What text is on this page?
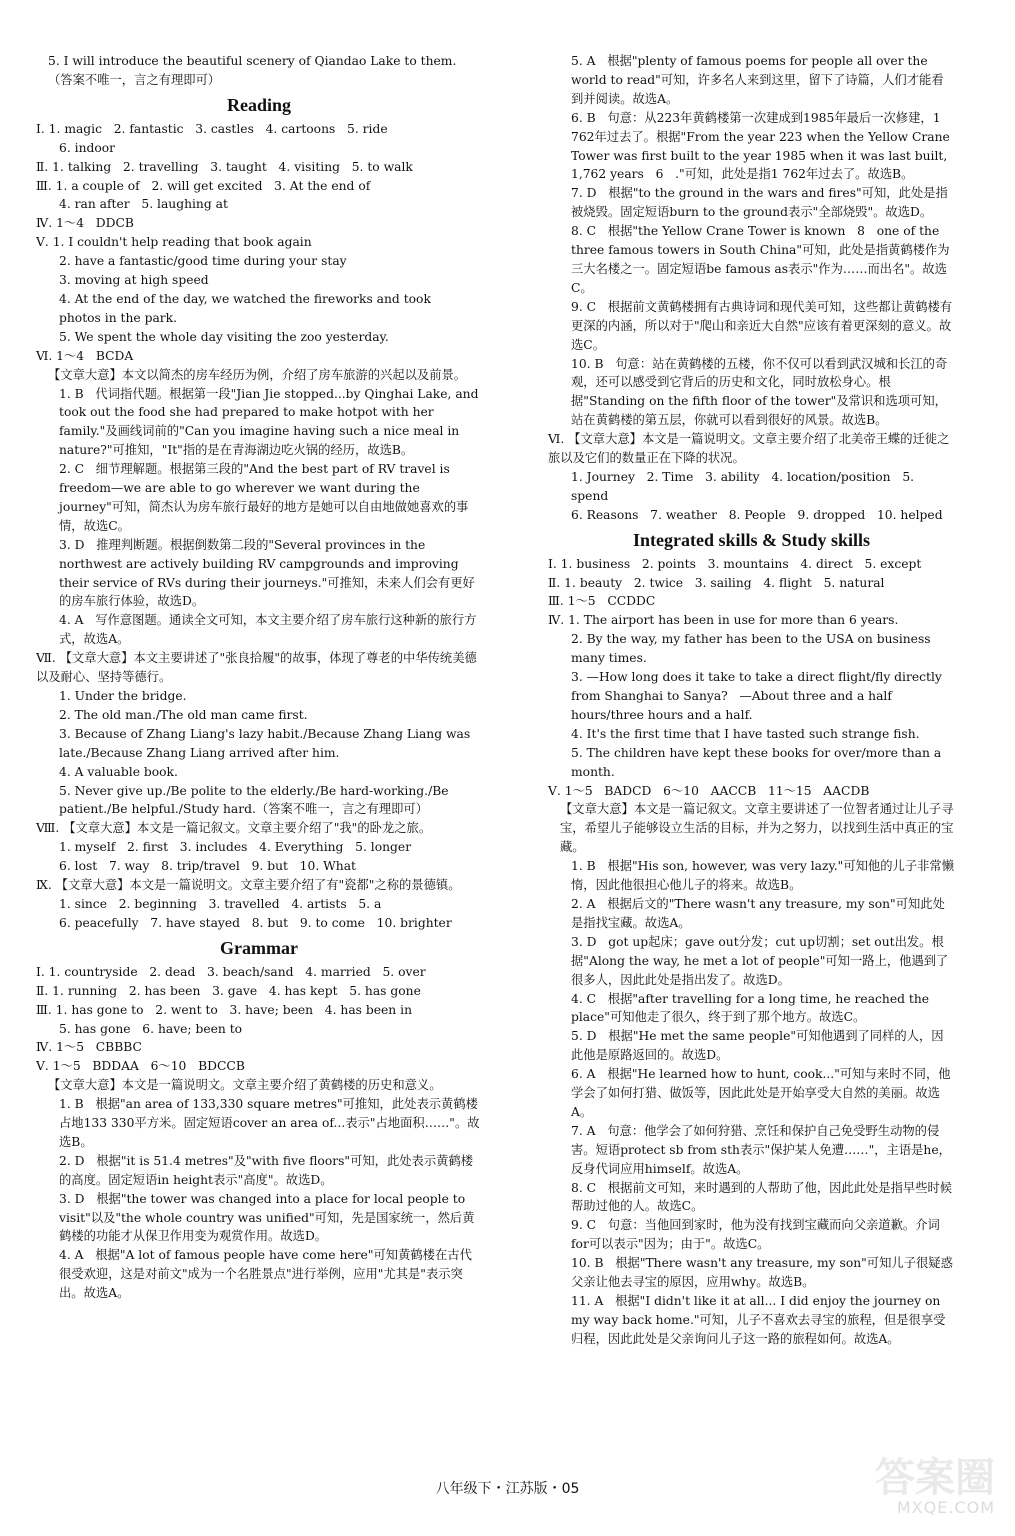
5. I will introduce the beautiful scenery of Qiandao Lake to them.
（答案不唯一，言之有理即可）
Reading
Ⅰ. 1. magic   2. fantastic   3. castles   4. cartoons   5. ride
6. indoor
Ⅱ. 1. talking   2. travelling   3. taught   4. visiting   5. to walk
Ⅲ. 1. a couple of   2. will get excited   3. At the end of
4. ran after   5. laughing at
Ⅳ. 1～4   DDCB
Ⅴ. 1. I couldn't help reading that book again
2. have a fantastic/good time during your stay
3. moving at high speed
4. At the end of the day, we watched the fireworks and took
photos in the park.
5. We spent the whole day visiting the zoo yesterday.
Ⅵ. 1～4   BCDA
【文章大意】本文以简杰的房车经历为例，介绍了房车旅游的兴起以及前景。
1. B   代词指代题。根据第一段"Jian Jie stopped...by Qinghai Lake, and took out the food she had prepared to make hotpot with her family."及画线词前的"Can you imagine having such a nice meal in nature?"可推知，"It"指的是在青海湖边吃火锅的经历，故选B。
2. C   细节理解题。根据第三段的"And the best part of RV travel is freedom—we are able to go wherever we want during the journey"可知，简杰认为房车旅行最好的地方是她可以自由地做她喜欢的事情，故选C。
3. D   推理判断题。根据倒数第二段的"Several provinces in the northwest are actively building RV campgrounds and improving their service of RVs during their journeys."可推知，未来人们会有更好的房车旅行体验，故选D。
4. A   写作意图题。通读全文可知，本文主要介绍了房车旅行这种新的旅行方式，故选A。
Ⅶ. 【文章大意】本文主要讲述了"张良拾履"的故事，体现了尊老的中华传统美德以及耐心、坚持等德行。
1. Under the bridge.
2. The old man./The old man came first.
3. Because of Zhang Liang's lazy habit./Because Zhang Liang was late./Because Zhang Liang arrived after him.
4. A valuable book.
5. Never give up./Be polite to the elderly./Be hard-working./Be patient./Be helpful./Study hard.（答案不唯一，言之有理即可）
Ⅷ. 【文章大意】本文是一篇记叙文。文章主要介绍了"我"的卧龙之旅。
1. myself   2. first   3. includes   4. Everything   5. longer
6. lost   7. way   8. trip/travel   9. but   10. What
Ⅸ. 【文章大意】本文是一篇说明文。文章主要介绍了有"瓷都"之称的景德镇。
1. since   2. beginning   3. travelled   4. artists   5. a
6. peacefully   7. have stayed   8. but   9. to come   10. brighter
Grammar
Ⅰ. 1. countryside   2. dead   3. beach/sand   4. married   5. over
Ⅱ. 1. running   2. has been   3. gave   4. has kept   5. has gone
Ⅲ. 1. has gone to   2. went to   3. have; been   4. has been in
5. has gone   6. have; been to
Ⅳ. 1～5   CBBBC
Ⅴ. 1～5   BDDAA   6～10   BDCCB
【文章大意】本文是一篇说明文。文章主要介绍了黄鹤楼的历史和意义。
1. B   根据"an area of 133,330 square metres"可推知，此处表示黄鹤楼占地133 330平方米。固定短语cover an area of...表示"占地面积……"。故选B。
2. D   根据"it is 51.4 metres"及"with five floors"可知，此处表示黄鹤楼的高度。固定短语in height表示"高度"。故选D。
3. D   根据"the tower was changed into a place for local people to visit"以及"the whole country was unified"可知，先是国家统一，然后黄鹤楼的功能才从保卫作用变为观赏作用。故选D。
4. A   根据"A lot of famous people have come here"可知黄鹤楼在古代很受欢迎，这是对前文"成为一个名胜景点"进行举例，应用"尤其是"表示突出。故选A。
5. A   根据"plenty of famous poems for people all over the world to read"可知，许多名人来到这里，留下了诗篇，人们才能看到并阅读。故选A。
6. B   句意：从223年黄鹤楼第一次建成到1985年最后一次修建，1 762年过去了。根据"From the year 223 when the Yellow Crane Tower was first built to the year 1985 when it was last built, 1,762 years   6   ."可知，此处是指1 762年过去了。故选B。
7. D   根据"to the ground in the wars and fires"可知，此处是指被烧毁。固定短语burn to the ground表示"全部烧毁"。故选D。
8. C   根据"the Yellow Crane Tower is known   8   one of the three famous towers in South China"可知，此处是指黄鹤楼作为三大名楼之一。固定短语be famous as表示"作为……而出名"。故选C。
9. C   根据前文黄鹤楼拥有古典诗词和现代美可知，这些都让黄鹤楼有更深的内涵，所以对于"爬山和亲近大自然"应该有着更深刻的意义。故选C。
10. B   句意：站在黄鹤楼的五楼，你不仅可以看到武汉城和长江的奇观，还可以感受到它背后的历史和文化，同时放松身心。根据"Standing on the fifth floor of the tower"及常识和选项可知，站在黄鹤楼的第五层，你就可以看到很好的风景。故选B。
Ⅵ. 【文章大意】本文是一篇说明文。文章主要介绍了北美帝王蝶的迁徙之旅以及它们的数量正在下降的状况。
1. Journey   2. Time   3. ability   4. location/position   5. spend
6. Reasons   7. weather   8. People   9. dropped   10. helped
Integrated skills & Study skills
Ⅰ. 1. business   2. points   3. mountains   4. direct   5. except
Ⅱ. 1. beauty   2. twice   3. sailing   4. flight   5. natural
Ⅲ. 1～5   CCDDC
Ⅳ. 1. The airport has been in use for more than 6 years.
2. By the way, my father has been to the USA on business many times.
3. —How long does it take to take a direct flight/fly directly from Shanghai to Sanya?   —About three and a half hours/three hours and a half.
4. It's the first time that I have tasted such strange fish.
5. The children have kept these books for over/more than a month.
Ⅴ. 1～5   BADCD   6～10   AACCB   11～15   AACDB
【文章大意】本文是一篇记叙文。文章主要讲述了一位智者通过让儿子寻宝，希望儿子能够设立生活的目标，并为之努力，以找到生活中真正的宝藏。
1. B   根据"His son, however, was very lazy."可知他的儿子非常懒惰，因此他很担心他儿子的将来。故选B。
2. A   根据后文的"There wasn't any treasure, my son"可知此处是指找宝藏。故选A。
3. D   got up起床；gave out分发；cut up切割；set out出发。根据"Along the way, he met a lot of people"可知一路上，他遇到了很多人，因此此处是指出发了。故选D。
4. C   根据"after travelling for a long time, he reached the place"可知他走了很久，终于到了那个地方。故选C。
5. D   根据"He met the same people"可知他遇到了同样的人，因此他是原路返回的。故选D。
6. A   根据"He learned how to hunt, cook..."可知与来时不同，他学会了如何打猎、做饭等，因此此处是开始享受大自然的美丽。故选A。
7. A   句意：他学会了如何狩猎、烹饪和保护自己免受野生动物的侵害。短语protect sb from sth表示"保护某人免遭……"，主语是he，反身代词应用himself。故选A。
8. C   根据前文可知，来时遇到的人帮助了他，因此此处是指早些时候帮助过他的人。故选C。
9. C   句意：当他回到家时，他为没有找到宝藏而向父亲道歉。介词for可以表示"因为；由于"。故选C。
10. B   根据"There wasn't any treasure, my son"可知儿子很疑惑父亲让他去寻宝的原因，应用why。故选B。
11. A   根据"I didn't like it at all... I did enjoy the journey on my way back home."可知，儿子不喜欢去寻宝的旅程，但是很享受归程，因此此处是父亲询问儿子这一路的旅程如何。故选A。
八年级下・江苏版・05	答案圈
MXQE.COM
